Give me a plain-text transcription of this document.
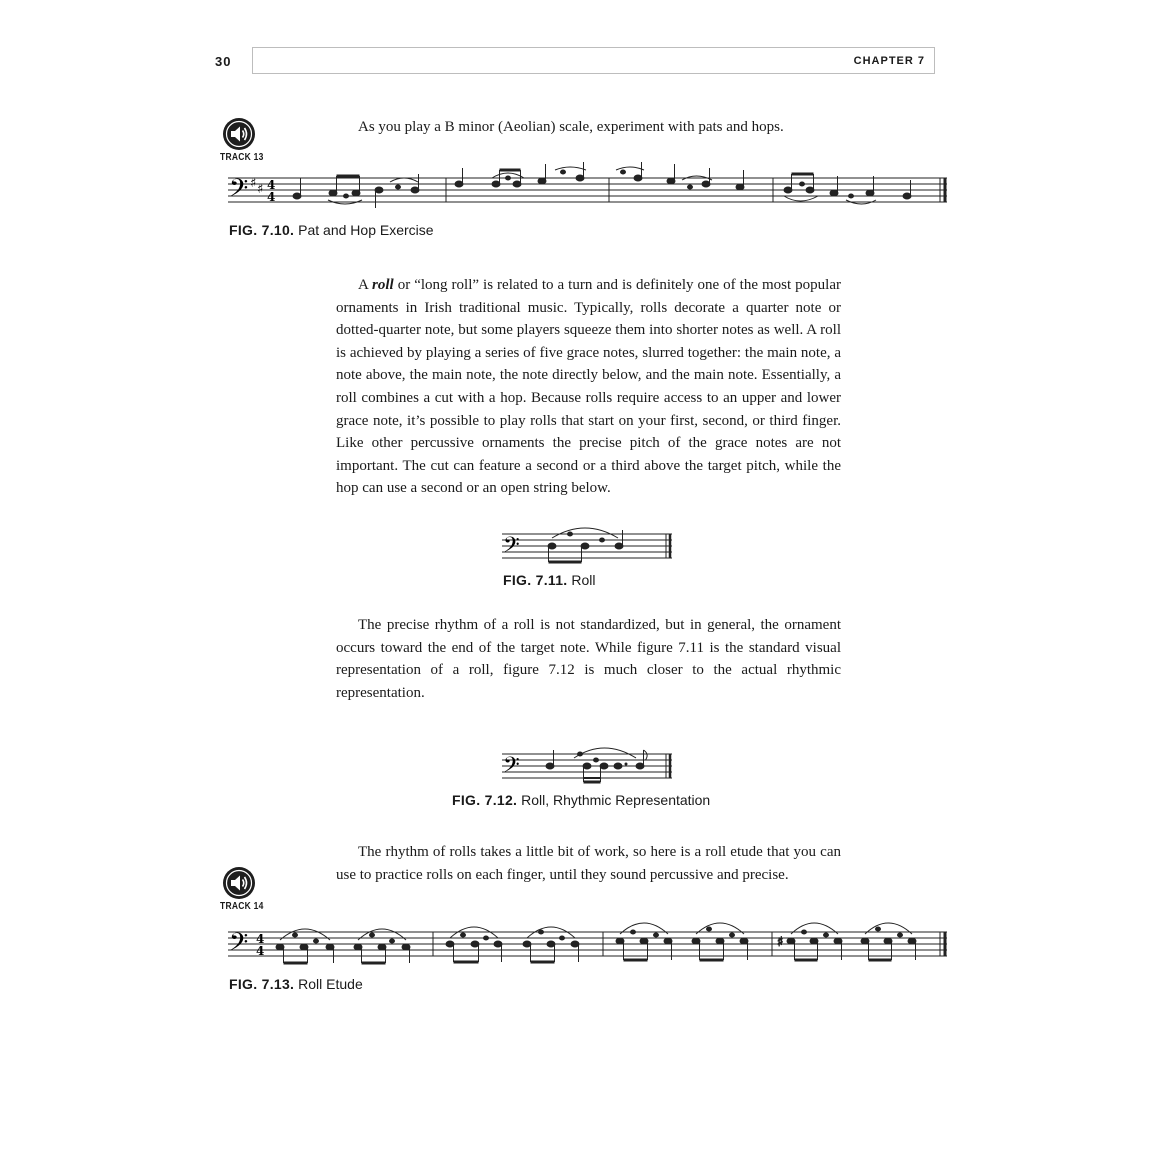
30	CHAPTER 7
TRACK 13
As you play a B minor (Aeolian) scale, experiment with pats and hops.
𝄢 ♯ ♯ 4
4
FIG. 7.10. Pat and Hop Exercise
A roll or “long roll” is related to a turn and is definitely one of the most popular ornaments in Irish traditional music. Typically, rolls decorate a quarter note or dotted-quarter note, but some players squeeze them into shorter notes as well. A roll is achieved by playing a series of five grace notes, slurred together: the main note, a note above, the main note, the note directly below, and the main note. Essentially, a roll combines a cut with a hop. Because rolls require access to an upper and lower grace note, it’s possible to play rolls that start on your first, second, or third finger. Like other percussive ornaments the precise pitch of the grace notes are not important. The cut can feature a second or a third above the target pitch, while the hop can use a second or an open string below.
𝄢
FIG. 7.11. Roll
The precise rhythm of a roll is not standardized, but in general, the ornament occurs toward the end of the target note. While figure 7.11 is the standard visual representation of a roll, figure 7.12 is much closer to the actual rhythmic representation.
𝄢
FIG. 7.12. Roll, Rhythmic Representation
The rhythm of rolls takes a little bit of work, so here is a roll etude that you can use to practice rolls on each finger, until they sound percussive and precise.
TRACK 14
𝄢 4
4
♯
FIG. 7.13. Roll Etude
